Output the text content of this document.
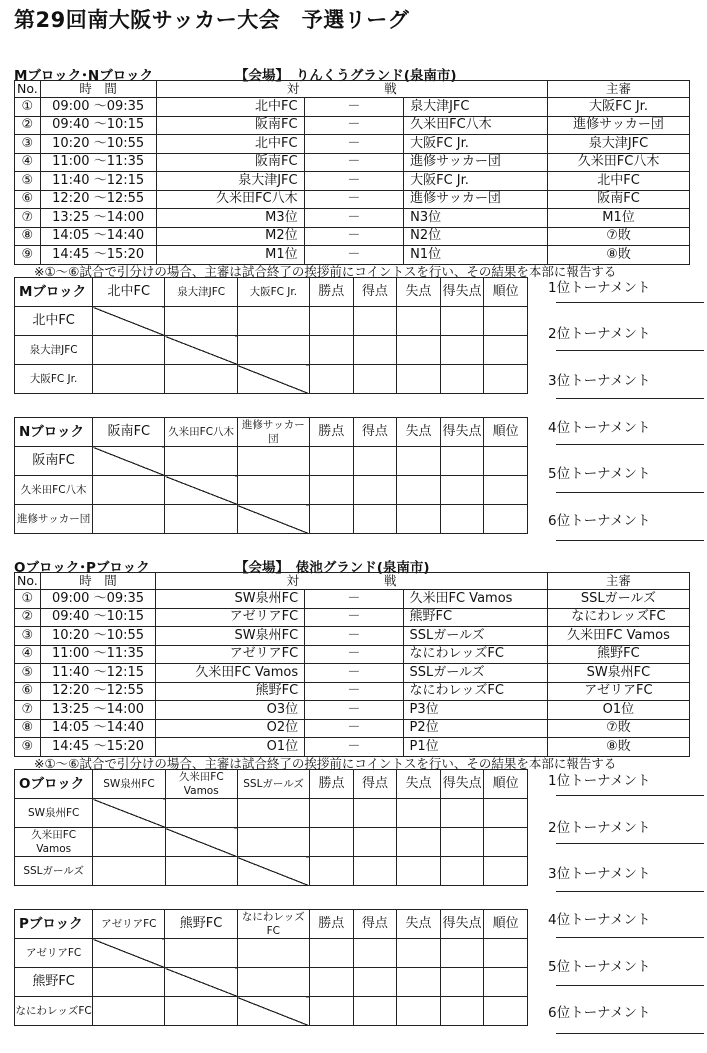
第29回南大阪サッカー大会　予選リーグ
Mブロック･Nブロック	【会場】　りんくうグランド(泉南市)
No.	時　間	対　　戦			主審
①	09:00 ～09:35	北中FC	－	泉大津JFC	大阪FC Jr.
②	09:40 ～10:15	阪南FC	－	久米田FC八木	進修サッカー団
③	10:20 ～10:55	北中FC	－	大阪FC Jr.	泉大津JFC
④	11:00 ～11:35	阪南FC	－	進修サッカー団	久米田FC八木
⑤	11:40 ～12:15	泉大津JFC	－	大阪FC Jr.	北中FC
⑥	12:20 ～12:55	久米田FC八木	－	進修サッカー団	阪南FC
⑦	13:25 ～14:00	M3位	－	N3位	M1位
⑧	14:05 ～14:40	M2位	－	N2位	⑦敗
⑨	14:45 ～15:20	M1位	－	N1位	⑧敗
※①～⑥試合で引分けの場合、主審は試合終了の挨拶前にコイントスを行い、その結果を本部に報告する
Mブロック	北中FC	泉大津JFC	大阪FC Jr.	勝点	得点	失点	得失点	順位
北中FC								
泉大津JFC								
大阪FC Jr.								
Nブロック	阪南FC	久米田FC八木	進修サッカー団	勝点	得点	失点	得失点	順位
阪南FC								
久米田FC八木								
進修サッカー団								
Oブロック･Pブロック	【会場】　俵池グランド(泉南市)
No.	時　間	対　　戦			主審
①	09:00 ～09:35	SW泉州FC	－	久米田FC Vamos	SSLガールズ
②	09:40 ～10:15	アゼリアFC	－	熊野FC	なにわレッズFC
③	10:20 ～10:55	SW泉州FC	－	SSLガールズ	久米田FC Vamos
④	11:00 ～11:35	アゼリアFC	－	なにわレッズFC	熊野FC
⑤	11:40 ～12:15	久米田FC Vamos	－	SSLガールズ	SW泉州FC
⑥	12:20 ～12:55	熊野FC	－	なにわレッズFC	アゼリアFC
⑦	13:25 ～14:00	O3位	－	P3位	O1位
⑧	14:05 ～14:40	O2位	－	P2位	⑦敗
⑨	14:45 ～15:20	O1位	－	P1位	⑧敗
※①～⑥試合で引分けの場合、主審は試合終了の挨拶前にコイントスを行い、その結果を本部に報告する
Oブロック	SW泉州FC	久米田FC Vamos	SSLガールズ	勝点	得点	失点	得失点	順位
SW泉州FC								
久米田FC Vamos								
SSLガールズ								
Pブロック	アゼリアFC	熊野FC	なにわレッズFC	勝点	得点	失点	得失点	順位
アゼリアFC								
熊野FC								
なにわレッズFC								
1位トーナメント
2位トーナメント
3位トーナメント
4位トーナメント
5位トーナメント
6位トーナメント
1位トーナメント
2位トーナメント
3位トーナメント
4位トーナメント
5位トーナメント
6位トーナメント
